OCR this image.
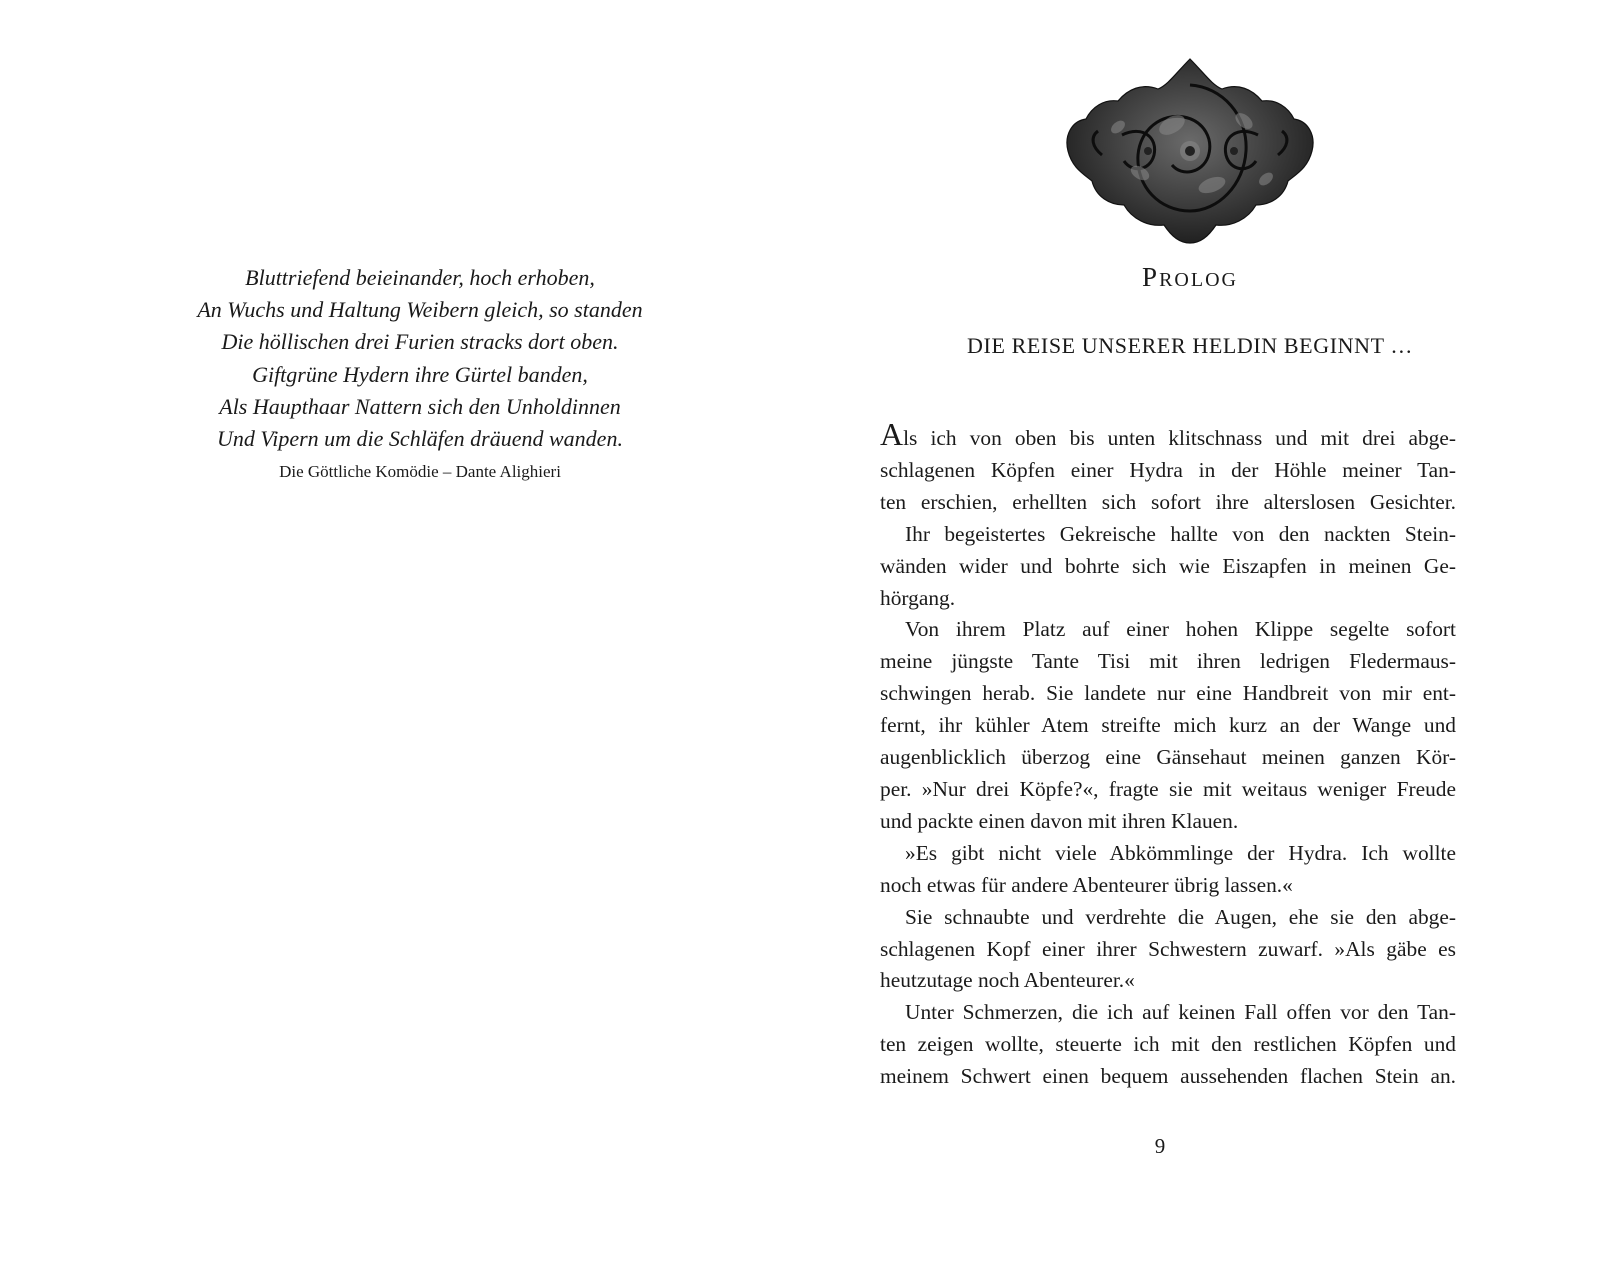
Bluttriefend beieinander, hoch erhoben,
An Wuchs und Haltung Weibern gleich, so standen
Die höllischen drei Furien stracks dort oben.
Giftgrüne Hydern ihre Gürtel banden,
Als Haupthaar Nattern sich den Unholdinnen
Und Vipern um die Schläfen dräuend wanden.
Die Göttliche Komödie – Dante Alighieri
PROLOG
DIE REISE UNSERER HELDIN BEGINNT …
Als ich von oben bis unten klitschnass und mit drei abge-
schlagenen Köpfen einer Hydra in der Höhle meiner Tan-
ten erschien, erhellten sich sofort ihre alterslosen Gesichter.
Ihr begeistertes Gekreische hallte von den nackten Stein-
wänden wider und bohrte sich wie Eiszapfen in meinen Ge-
hörgang.
Von ihrem Platz auf einer hohen Klippe segelte sofort
meine jüngste Tante Tisi mit ihren ledrigen Fledermaus-
schwingen herab. Sie landete nur eine Handbreit von mir ent-
fernt, ihr kühler Atem streifte mich kurz an der Wange und
augenblicklich überzog eine Gänsehaut meinen ganzen Kör-
per. »Nur drei Köpfe?«, fragte sie mit weitaus weniger Freude
und packte einen davon mit ihren Klauen.
»Es gibt nicht viele Abkömmlinge der Hydra. Ich wollte
noch etwas für andere Abenteurer übrig lassen.«
Sie schnaubte und verdrehte die Augen, ehe sie den abge-
schlagenen Kopf einer ihrer Schwestern zuwarf. »Als gäbe es
heutzutage noch Abenteurer.«
Unter Schmerzen, die ich auf keinen Fall offen vor den Tan-
ten zeigen wollte, steuerte ich mit den restlichen Köpfen und
meinem Schwert einen bequem aussehenden flachen Stein an.
9
